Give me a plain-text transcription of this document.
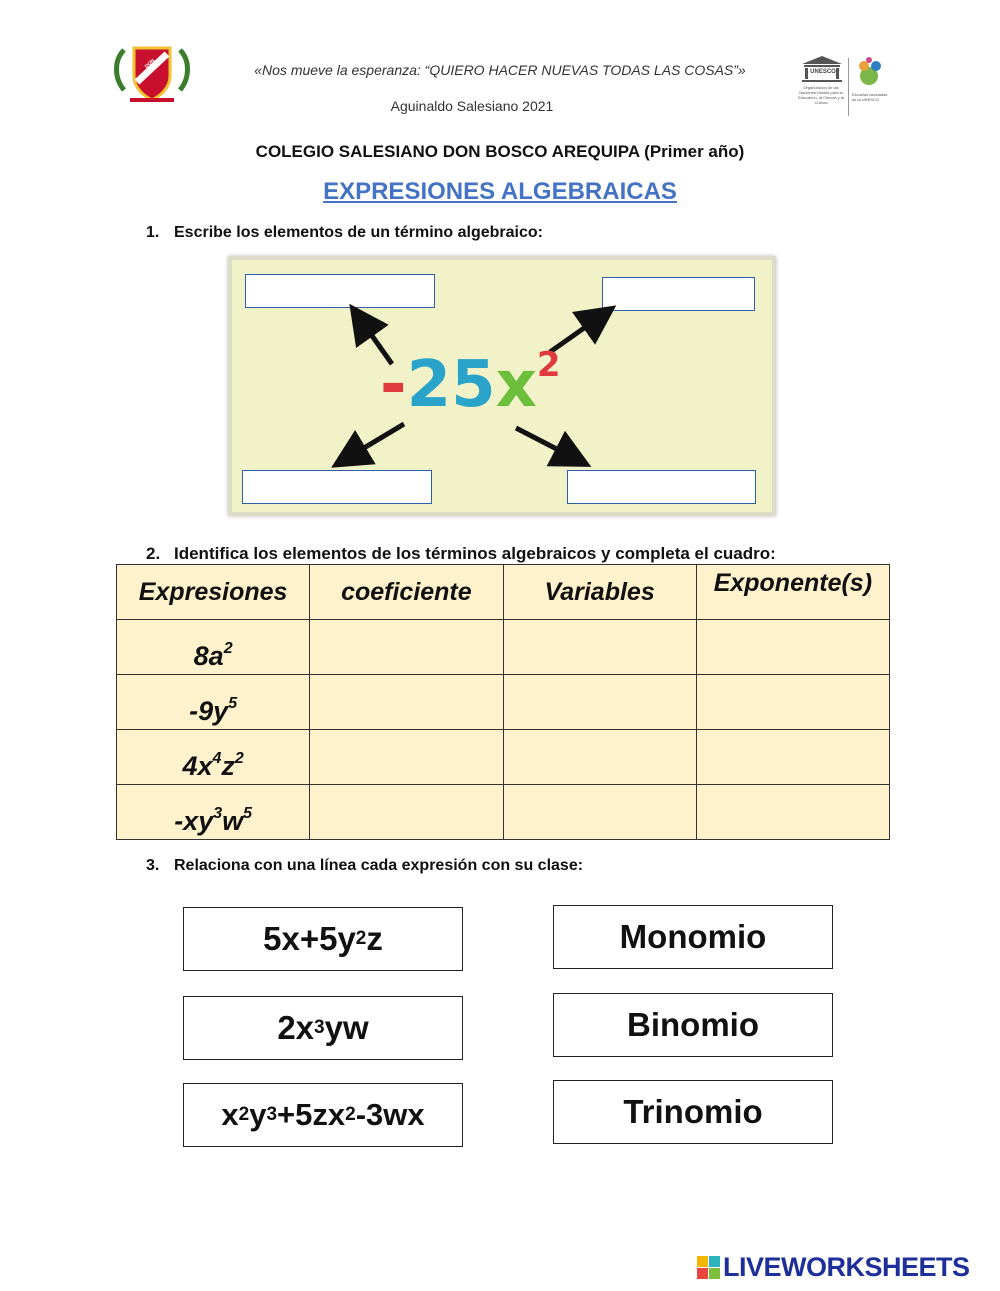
DON BOSCO	«Nos mueve la esperanza: “QUIERO HACER NUEVAS TODAS LAS COSAS”»
Aguinaldo Salesiano 2021
UNESCO
Organización de las Naciones Unidas para la Educación, la Ciencia y la Cultura
Escuelas asociadas de la UNESCO
COLEGIO SALESIANO DON BOSCO AREQUIPA (Primer año)
EXPRESIONES ALGEBRAICAS
1. Escribe los elementos de un término algebraico:
$-25x^2$
2. Identifica los elementos de los términos algebraicos y completa el cuadro:
Expresiones	coeficiente	Variables	Exponente(s)
$8a^2$			
$-9y^5$			
$4x^4z^2$			
$-xy^3w^5$			
3. Relaciona con una línea cada expresión con su clase:
5x+5y 2 z
2x 3 yw
x 2 y 3 +5zx 2 -3wx
Monomio
Binomio
Trinomio
LIVEWORKSHEETS
